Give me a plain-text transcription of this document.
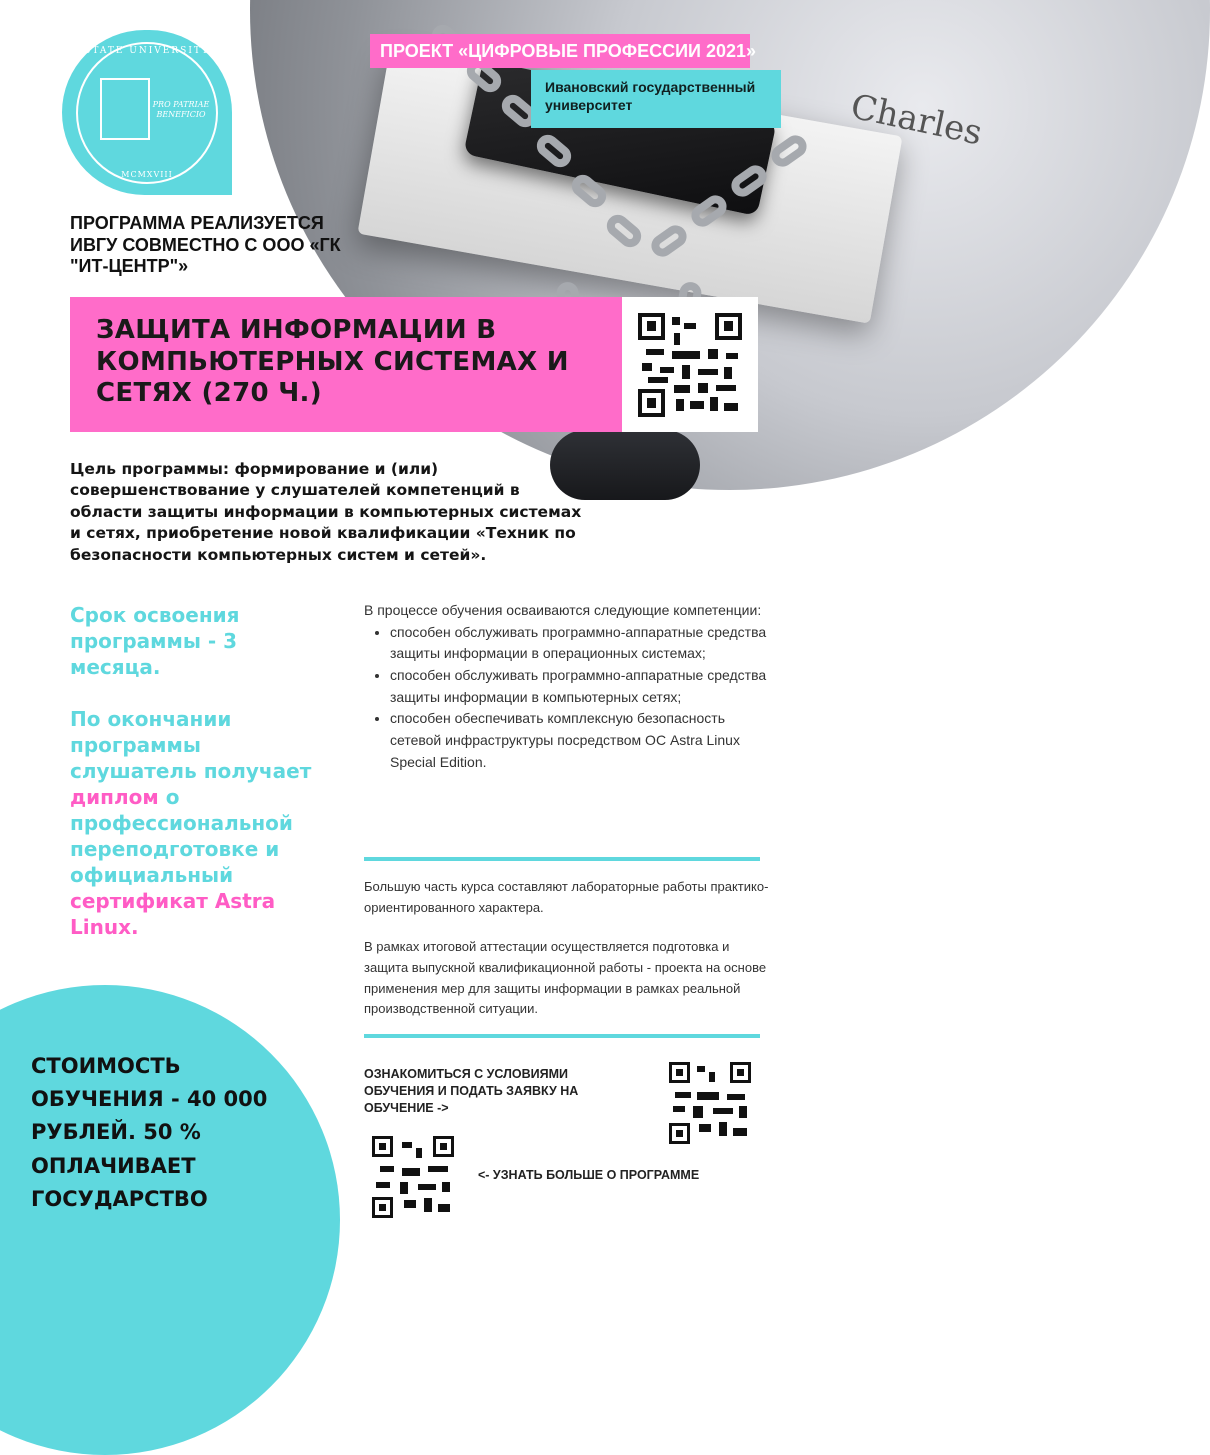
Charles
STATE UNIVERSITY
PRO PATRIAE BENEFICIO
MCMXVIII
ПРОЕКТ «ЦИФРОВЫЕ ПРОФЕССИИ 2021»
Ивановский государственный университет
ПРОГРАММА РЕАЛИЗУЕТСЯ ИВГУ СОВМЕСТНО С ООО «ГК "ИТ-ЦЕНТР"»
ЗАЩИТА ИНФОРМАЦИИ В КОМПЬЮТЕРНЫХ СИСТЕМАХ И СЕТЯХ (270 Ч.)
Цель программы: формирование и (или) совершенствование у слушателей компетенций в области защиты информации в компьютерных системах и сетях, приобретение новой квалификации «Техник по безопасности компьютерных систем и сетей».

Срок освоения программы - 3 месяца.

По окончании программы слушатель получает диплом о профессиональной переподготовке и официальный сертификат Astra Linux.

В процессе обучения осваиваются следующие компетенции:
• способен обслуживать программно-аппаратные средства защиты информации в операционных системах;
• способен обслуживать программно-аппаратные средства защиты информации в компьютерных сетях;
• способен обеспечивать комплексную безопасность сетевой инфраструктуры посредством ОС Astra Linux Special Edition.
Большую часть курса составляют лабораторные работы практико-ориентированного характера.
В рамках итоговой аттестации осуществляется подготовка и защита выпускной квалификационной работы - проекта на основе применения мер для защиты информации в рамках реальной производственной ситуации.
СТОИМОСТЬ ОБУЧЕНИЯ - 40 000 РУБЛЕЙ. 50 % ОПЛАЧИВАЕТ ГОСУДАРСТВО
ОЗНАКОМИТЬСЯ С УСЛОВИЯМИ ОБУЧЕНИЯ И ПОДАТЬ ЗАЯВКУ НА ОБУЧЕНИЕ ->
<- УЗНАТЬ БОЛЬШЕ О ПРОГРАММЕ
